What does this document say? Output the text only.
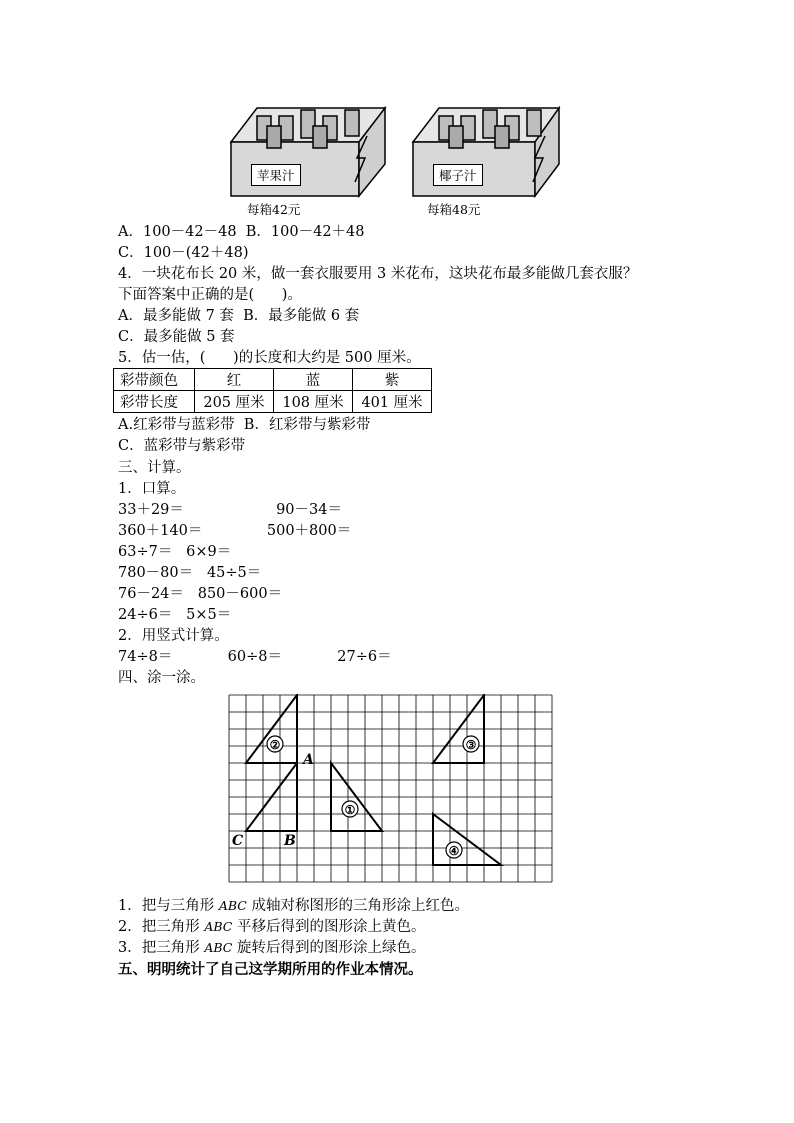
苹果汁	椰子汁
每箱42元	每箱48元
A．100－42－48  B．100－42＋48
C．100－(42＋48)
4．一块花布长 20 米，做一套衣服要用 3 米花布，这块花布最多能做几套衣服？
下面答案中正确的是(      )。
A．最多能做 7 套  B．最多能做 6 套
C．最多能做 5 套
5．估一估，(      )的长度和大约是 500 厘米。
彩带颜色	红	蓝	紫
彩带长度	205 厘米	108 厘米	401 厘米
A.红彩带与蓝彩带  B．红彩带与紫彩带
C．蓝彩带与紫彩带
三、计算。
1．口算。
33＋29＝                    90－34＝
360＋140＝              500＋800＝
63÷7＝   6×9＝
780－80＝   45÷5＝
76－24＝   850－600＝
24÷6＝   5×5＝
2．用竖式计算。
74÷8＝            60÷8＝            27÷6＝
四、涂一涂。
②
①
③
④
A
B
C
1．把与三角形 ABC 成轴对称图形的三角形涂上红色。
2．把三角形 ABC 平移后得到的图形涂上黄色。
3．把三角形 ABC 旋转后得到的图形涂上绿色。
五、明明统计了自己这学期所用的作业本情况。
